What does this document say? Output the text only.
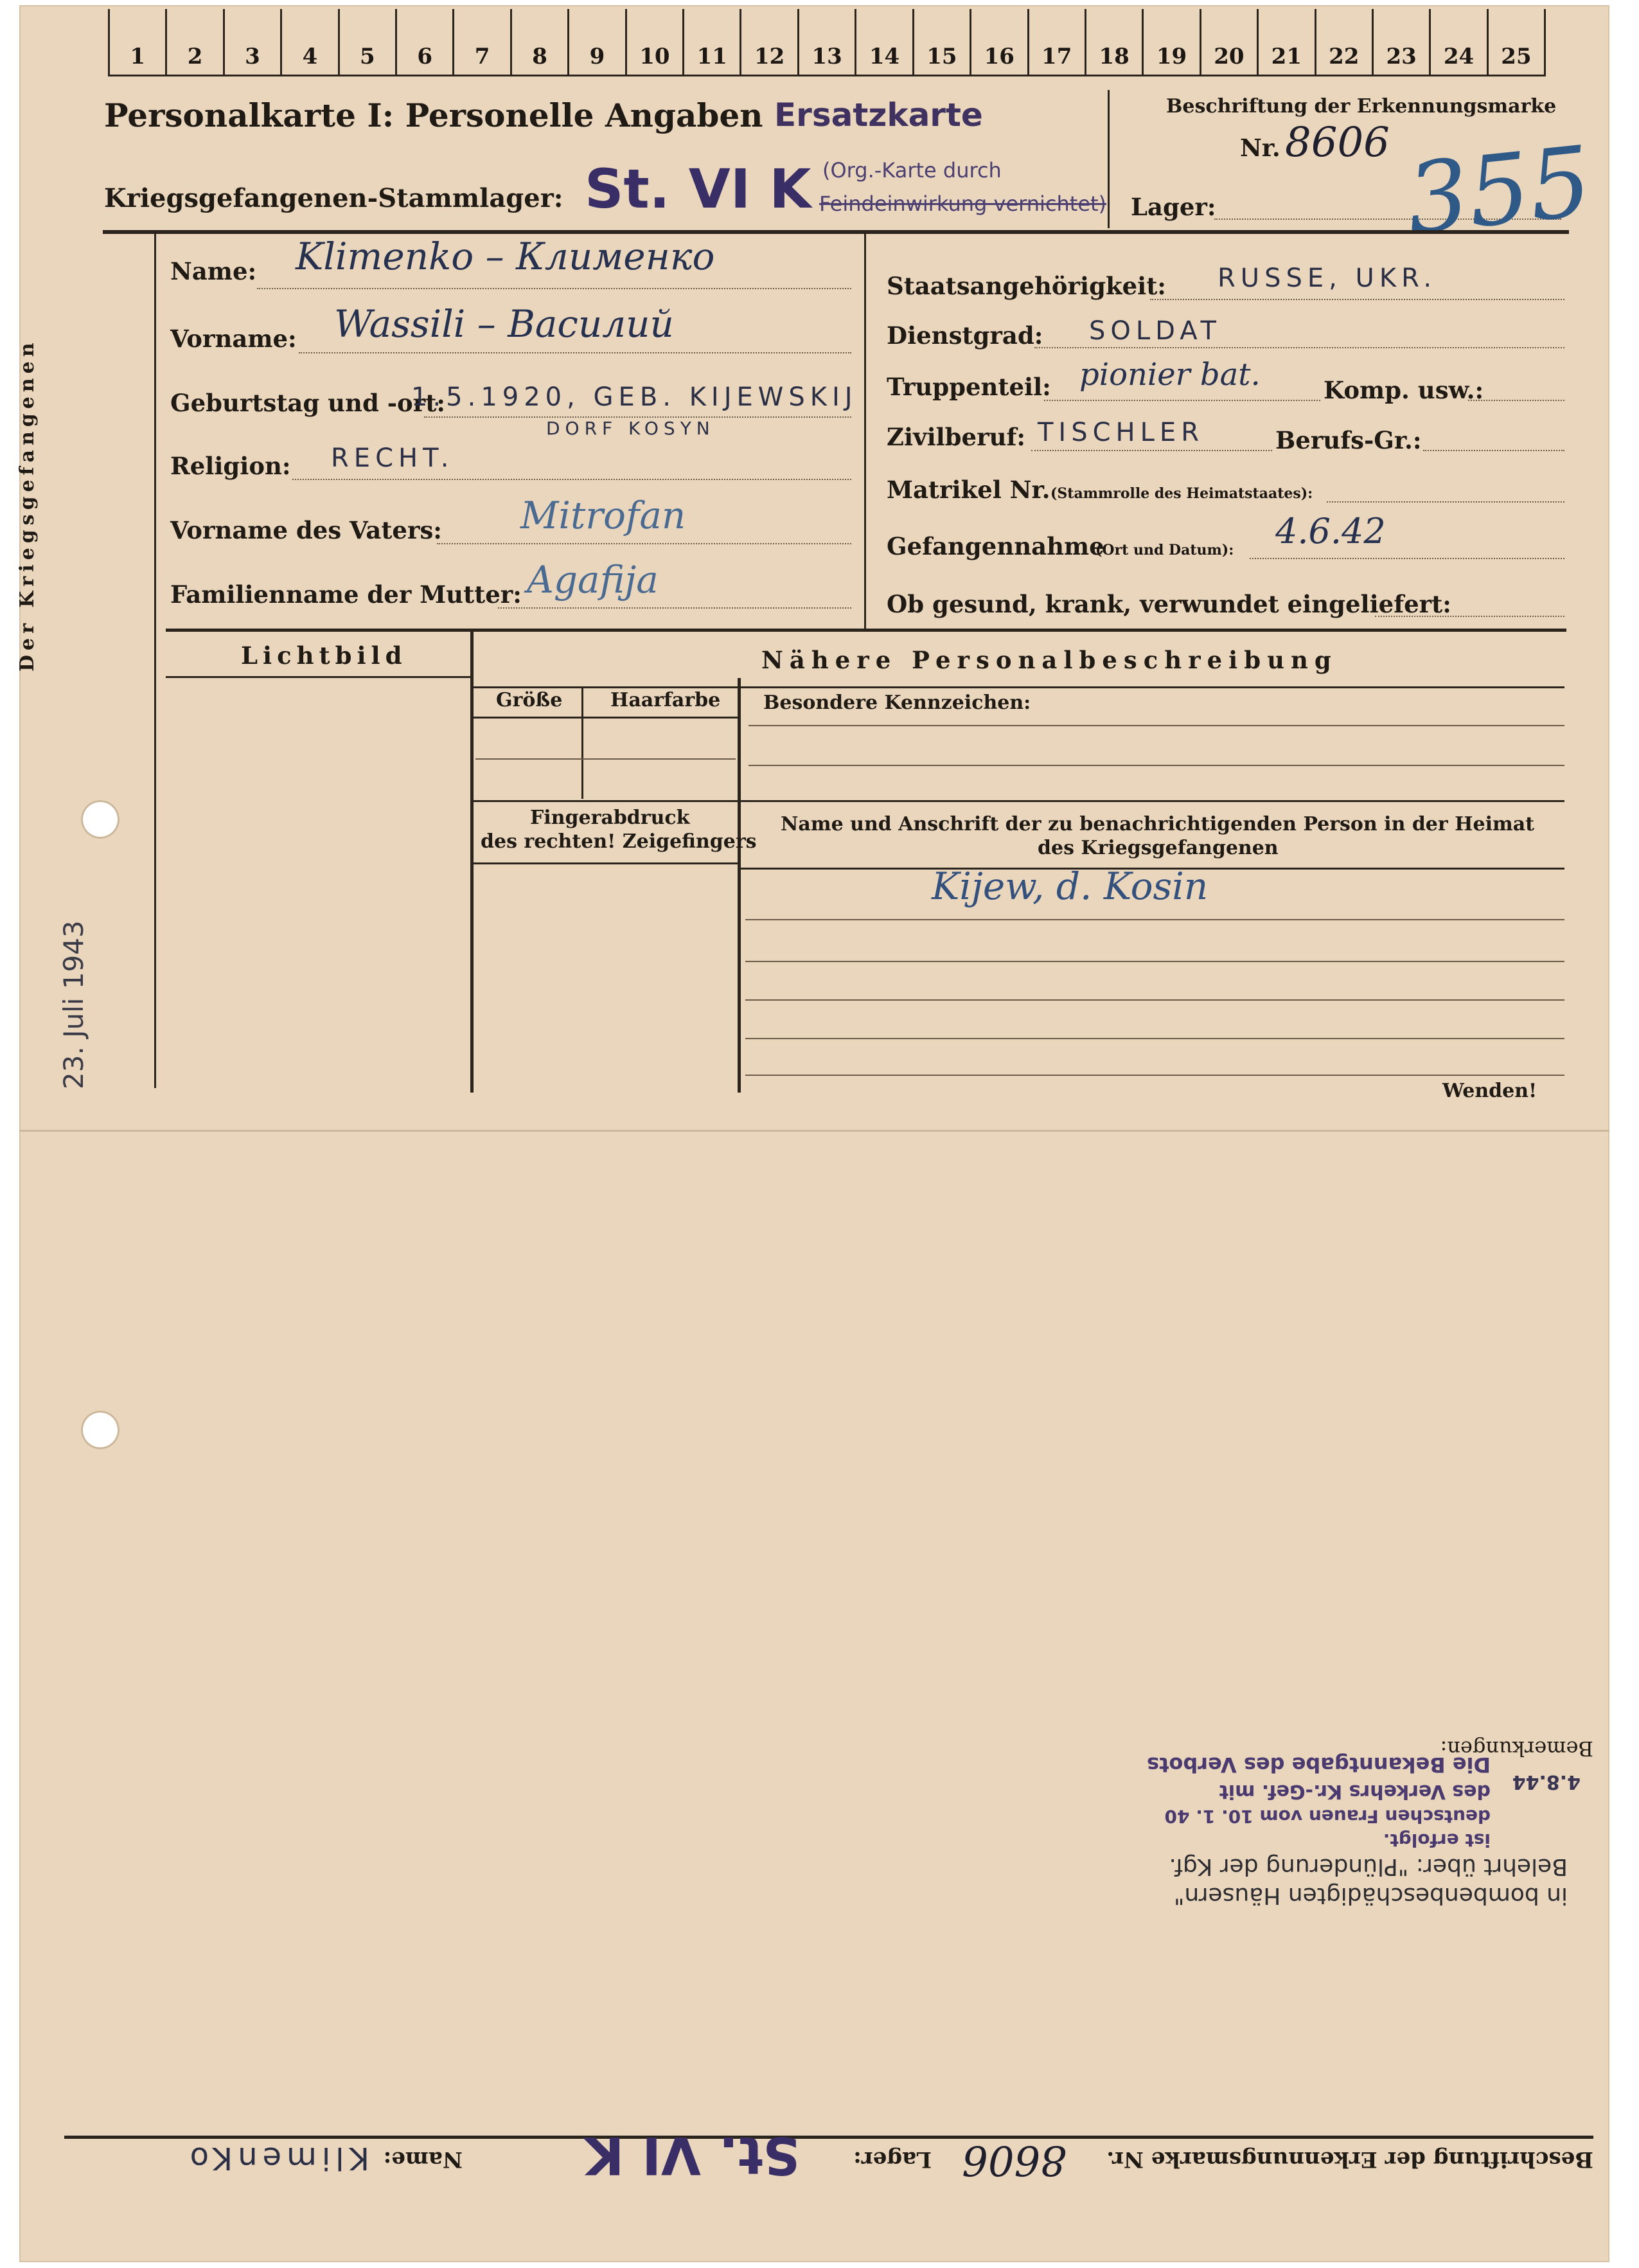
1	2	3	4	5	6	7	8	9	10	11	12	13	14	15	16	17	18	19	20	21	22	23	24	25
Personalkarte I: Personelle Angaben Ersatzkarte
Kriegsgefangenen-Stammlager: St. VI K (Org.-Karte durch
Feindeinwirkung vernichtet)
Beschriftung der Erkennungsmarke
Nr. 8606
Lager: 355
Name: Klimenko – Клименко
Vorname: Wassili – Василий
Geburtstag und -ort:
1.5.1920, GEB. KIJEWSKIJ
DORF KOSYN
Religion: RECHT.
Vorname des Vaters: Mitrofan
Familienname der Mutter: Agafija
Staatsangehörigkeit: RUSSE, UKR.
Dienstgrad: SOLDAT
Truppenteil: pionier bat.	Komp. usw.:
Zivilberuf: TISCHLER	Berufs-Gr.:
Matrikel Nr. (Stammrolle des Heimatstaates):
Gefangennahme
(Ort und Datum): 4.6.42
Ob gesund, krank, verwundet eingeliefert:
Lichtbild	Nähere Personalbeschreibung
Größe Haarfarbe Besondere Kennzeichen:
Fingerabdruck
des rechten! Zeigefingers
Name und Anschrift der zu benachrichtigenden Person in der Heimat
des Kriegsgefangenen
Kijew, d. Kosin
Wenden!
Der Kriegsgefangenen
23. Juli 1943
Bemerkungen:
4.8.44
Die Bekanntgabe des Verbots
des Verkehrs Kr.-Gef. mit
deutschen Frauen vom 10. 1. 40
ist erfolgt.
Belehrt über: "Plünderung der Kgf.
in bombenbeschädigten Häusern"
Beschriftung der Erkennungsmarke Nr.
8606
Lager:
St. VI K
Name:
KlimenKo
